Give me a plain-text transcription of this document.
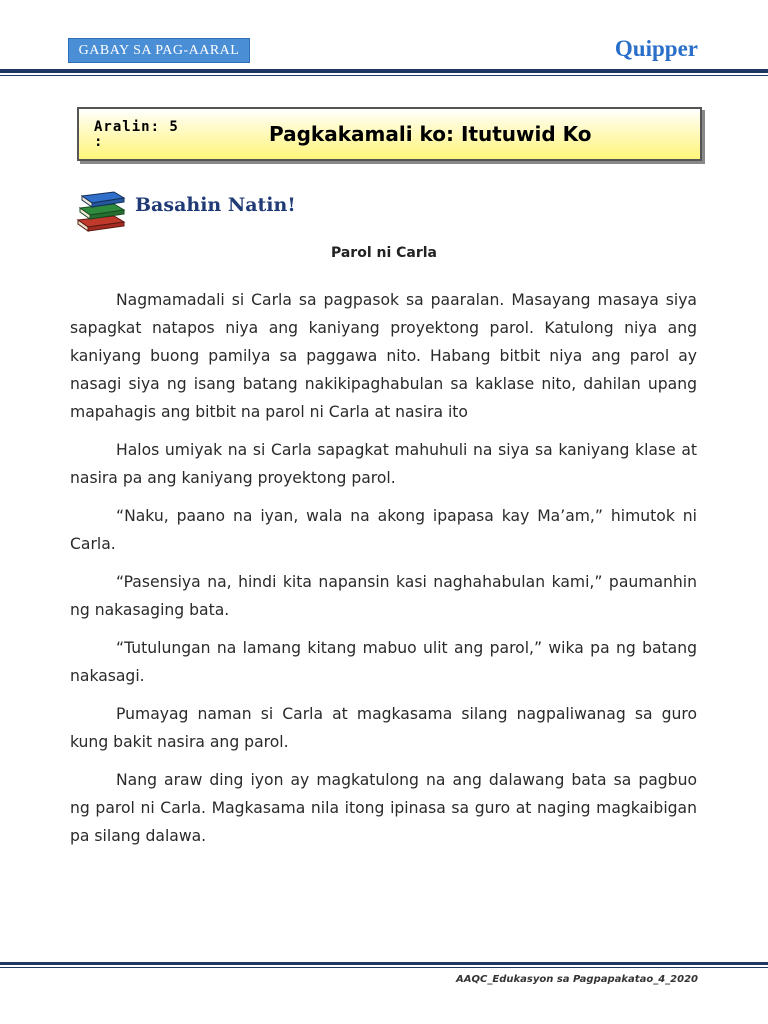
GABAY SA PAG-AARAL	Quipper
Aralin: 5
:	Pagkakamali ko: Itutuwid Ko
Basahin Natin!
Parol ni Carla

Nagmamadali si Carla sa pagpasok sa paaralan. Masayang masaya siya sapagkat natapos niya ang kaniyang proyektong parol. Katulong niya ang kaniyang buong pamilya sa paggawa nito. Habang bitbit niya ang parol ay nasagi siya ng isang batang nakikipaghabulan sa kaklase nito, dahilan upang mapahagis ang bitbit na parol ni Carla at nasira ito

Halos umiyak na si Carla sapagkat mahuhuli na siya sa kaniyang klase at nasira pa ang kaniyang proyektong parol.

“Naku, paano na iyan, wala na akong ipapasa kay Ma’am,” himutok ni Carla.

“Pasensiya na, hindi kita napansin kasi naghahabulan kami,” paumanhin ng nakasaging bata.

“Tutulungan na lamang kitang mabuo ulit ang parol,” wika pa ng batang nakasagi.

Pumayag naman si Carla at magkasama silang nagpaliwanag sa guro kung bakit nasira ang parol.

Nang araw ding iyon ay magkatulong na ang dalawang bata sa pagbuo ng parol ni Carla. Magkasama nila itong ipinasa sa guro at naging magkaibigan pa silang dalawa.

AAQC_Edukasyon sa Pagpapakatao_4_2020
